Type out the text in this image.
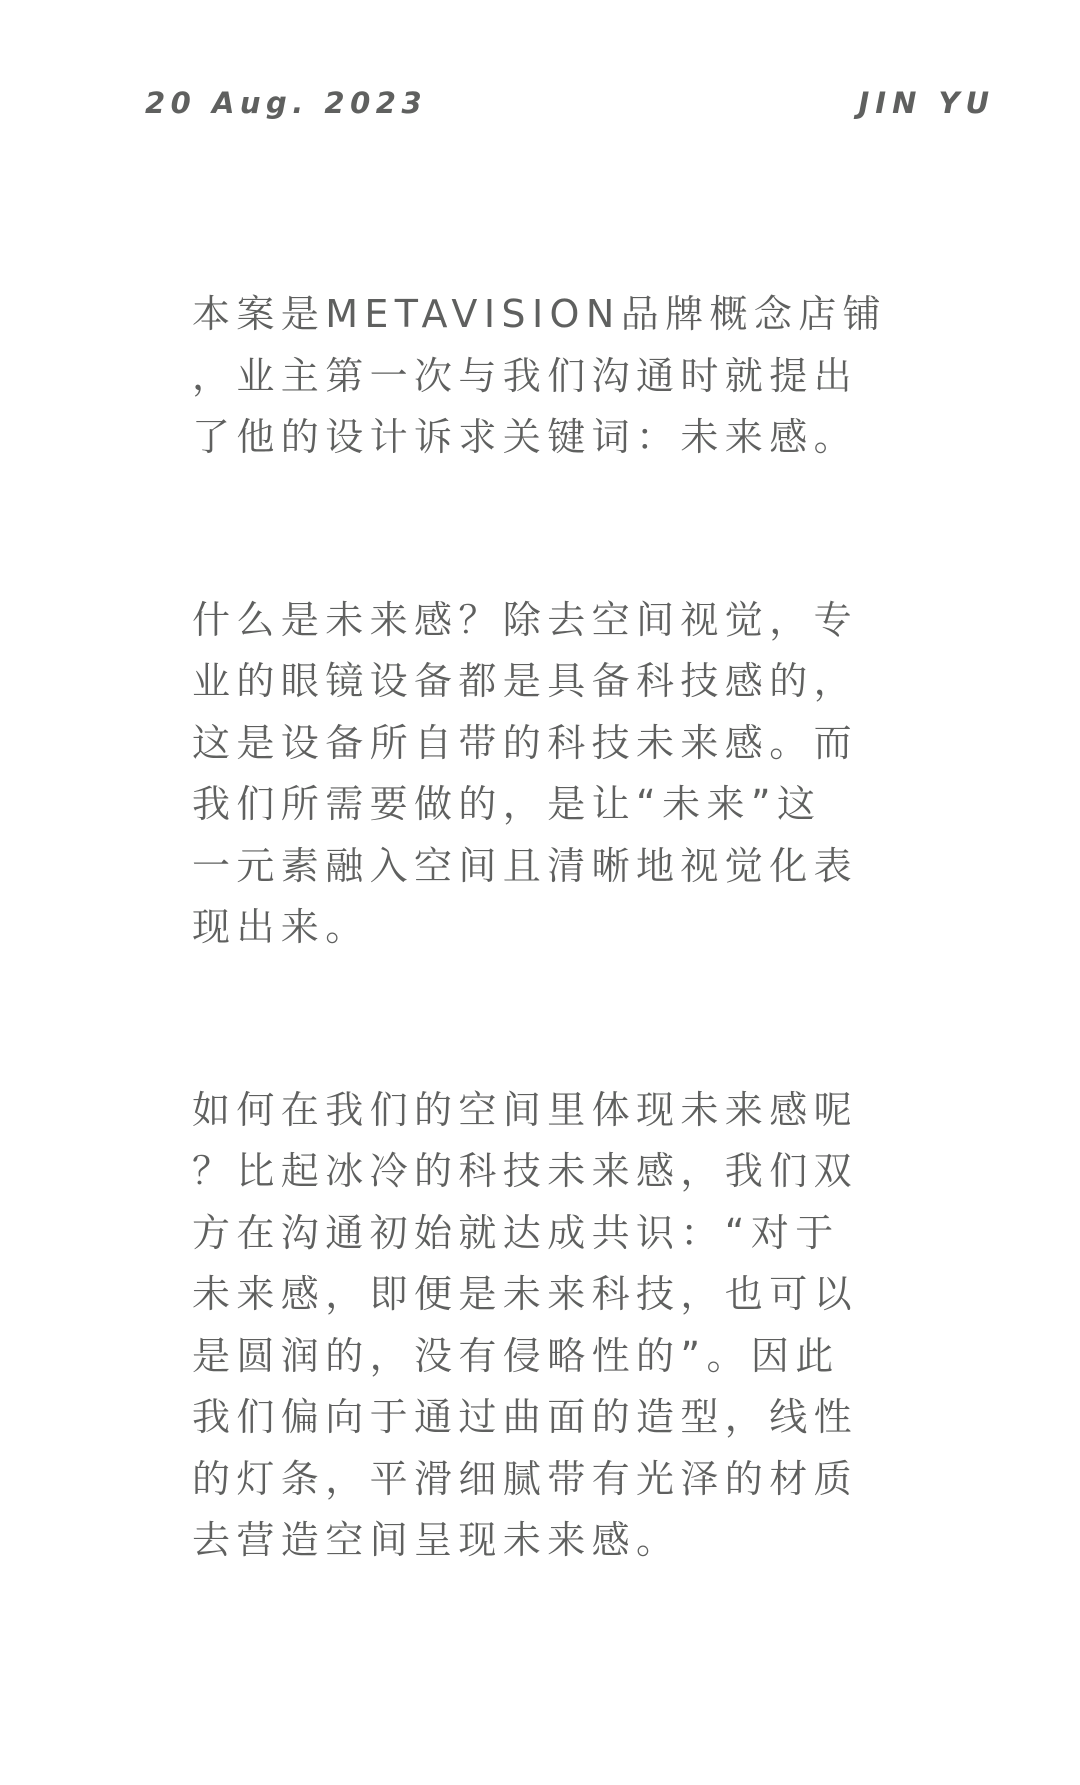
20 Aug. 2023	JIN YU
本案是METAVISION品牌概念店铺
，业主第一次与我们沟通时就提出
了他的设计诉求关键词：未来感。
什么是未来感？除去空间视觉，专
业的眼镜设备都是具备科技感的，
这是设备所自带的科技未来感。而
我们所需要做的，是让“未来”这
一元素融入空间且清晰地视觉化表
现出来。
如何在我们的空间里体现未来感呢
？比起冰冷的科技未来感，我们双
方在沟通初始就达成共识：“对于
未来感，即便是未来科技，也可以
是圆润的，没有侵略性的”。因此
我们偏向于通过曲面的造型，线性
的灯条，平滑细腻带有光泽的材质
去营造空间呈现未来感。
